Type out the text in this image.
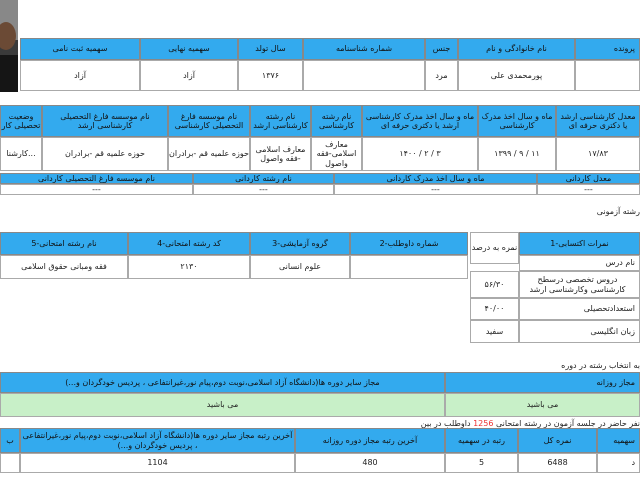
پرونده
نام خانوادگی و نام
جنس
شماره شناسنامه
سال تولد
سهمیه نهایی
سهمیه ثبت نامی
پورمحمدی علی
مرد
۱۳۷۶
آزاد
آزاد
معدل کارشناسی ارشد یا دکتری حرفه ای
ماه و سال اخذ مدرک کارشناسی
ماه و سال اخذ مدرک کارشناسی ارشد یا دکتری حرفه ای
نام رشته کارشناسی
نام رشته کارشناسی ارشد
نام موسسه فارغ التحصیلی کارشناسی
نام موسسه فارغ التحصیلی کارشناسی ارشد
وضعیت تحصیلی کار
۱۷/۸۳
۱۳۹۹ / ۹ / ۱۱
۱۴۰۰ / ۲ / ۳
معارف اسلامی-فقه واصول
معارف اسلامی -فقه واصول
حوزه علمیه قم -برادران
حوزه علمیه قم -برادران
کارشنا...
معدل کاردانی
ماه و سال اخذ مدرک کاردانی
نام رشته کاردانی
نام موسسه فارغ التحصیلی کاردانی
---
---
---
---
رشته آزمونی
1-نمرات اکتسابی
2-شماره داوطلب
3-گروه آزمایشی
4-کد رشته امتحانی
5-نام رشته امتحانی
علوم انسانی
۲۱۳۰
فقه ومبانی حقوق اسلامی
نمره به درصد
نام درس
۵۶/۳۰
دروس تخصصی درسطح کارشناسی وکارشناسی ارشد
۴۰/۰۰	استعدادتحصیلی
سفید	زبان انگلیسی
به انتخاب رشته در دوره
مجاز روزانه
مجاز سایر دوره ها(دانشگاه آزاد اسلامی،نوبت دوم،پیام نور،غیرانتفاعی ، پردیس خودگردان و...)
می باشید
می باشید
نفر حاضر در جلسه آزمون در رشته امتحانی 1256 داوطلب در بین
سهمیه
نمره کل
رتبه در سهمیه
آخرین رتبه مجاز دوره روزانه
آخرین رتبه مجاز سایر دوره ها(دانشگاه آزاد اسلامی،نوبت دوم،پیام نور،غیرانتفاعی ، پردیس خودگردان و...)
ب
د
6488
5
480
1104
